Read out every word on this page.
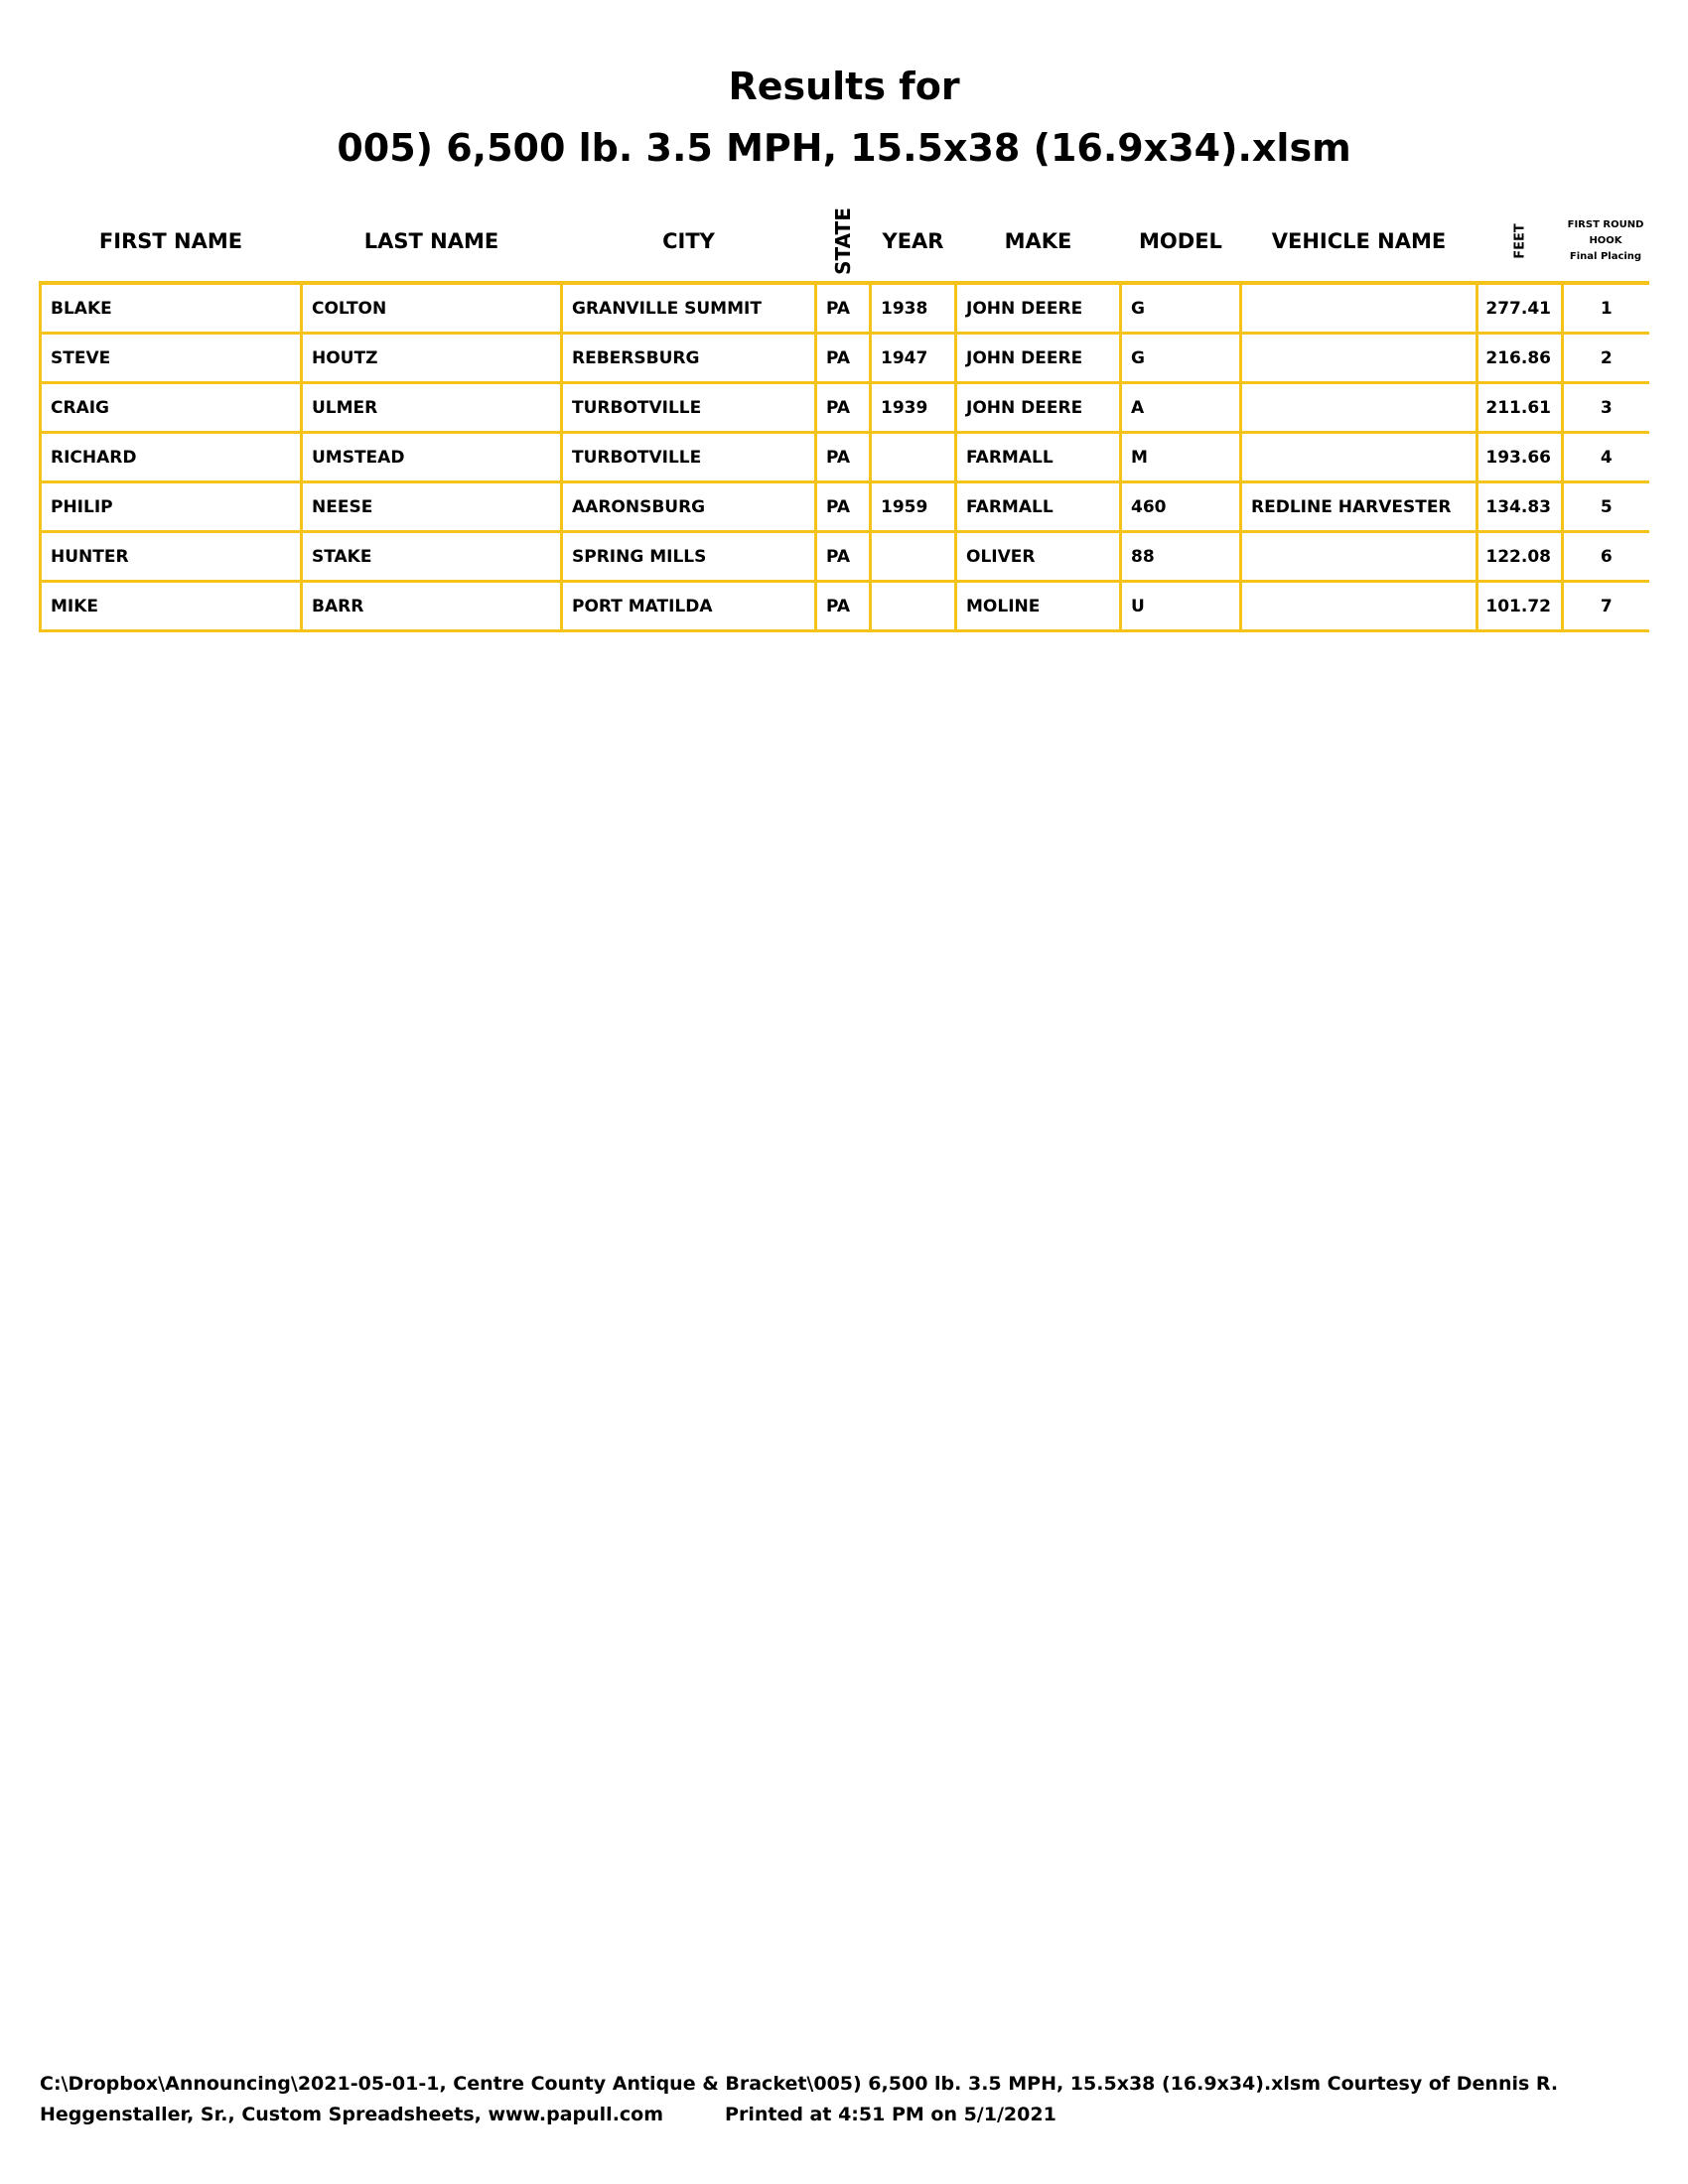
Results for
005) 6,500 lb. 3.5 MPH, 15.5x38 (16.9x34).xlsm
FIRST NAME	LAST NAME	CITY	STATE	YEAR	MAKE	MODEL	VEHICLE NAME	FEET	FIRST ROUND
HOOK
Final Placing

BLAKE	COLTON	GRANVILLE SUMMIT	PA	1938	JOHN DEERE	G		277.41	1
STEVE	HOUTZ	REBERSBURG	PA	1947	JOHN DEERE	G		216.86	2
CRAIG	ULMER	TURBOTVILLE	PA	1939	JOHN DEERE	A		211.61	3
RICHARD	UMSTEAD	TURBOTVILLE	PA		FARMALL	M		193.66	4
PHILIP	NEESE	AARONSBURG	PA	1959	FARMALL	460	REDLINE HARVESTER	134.83	5
HUNTER	STAKE	SPRING MILLS	PA		OLIVER	88		122.08	6
MIKE	BARR	PORT MATILDA	PA		MOLINE	U		101.72	7
C:\Dropbox\Announcing\2021-05-01-1, Centre County Antique & Bracket\005) 6,500 lb. 3.5 MPH, 15.5x38 (16.9x34).xlsm Courtesy of Dennis R.
Heggenstaller, Sr., Custom Spreadsheets, www.papull.com	Printed at 4:51 PM on 5/1/2021
